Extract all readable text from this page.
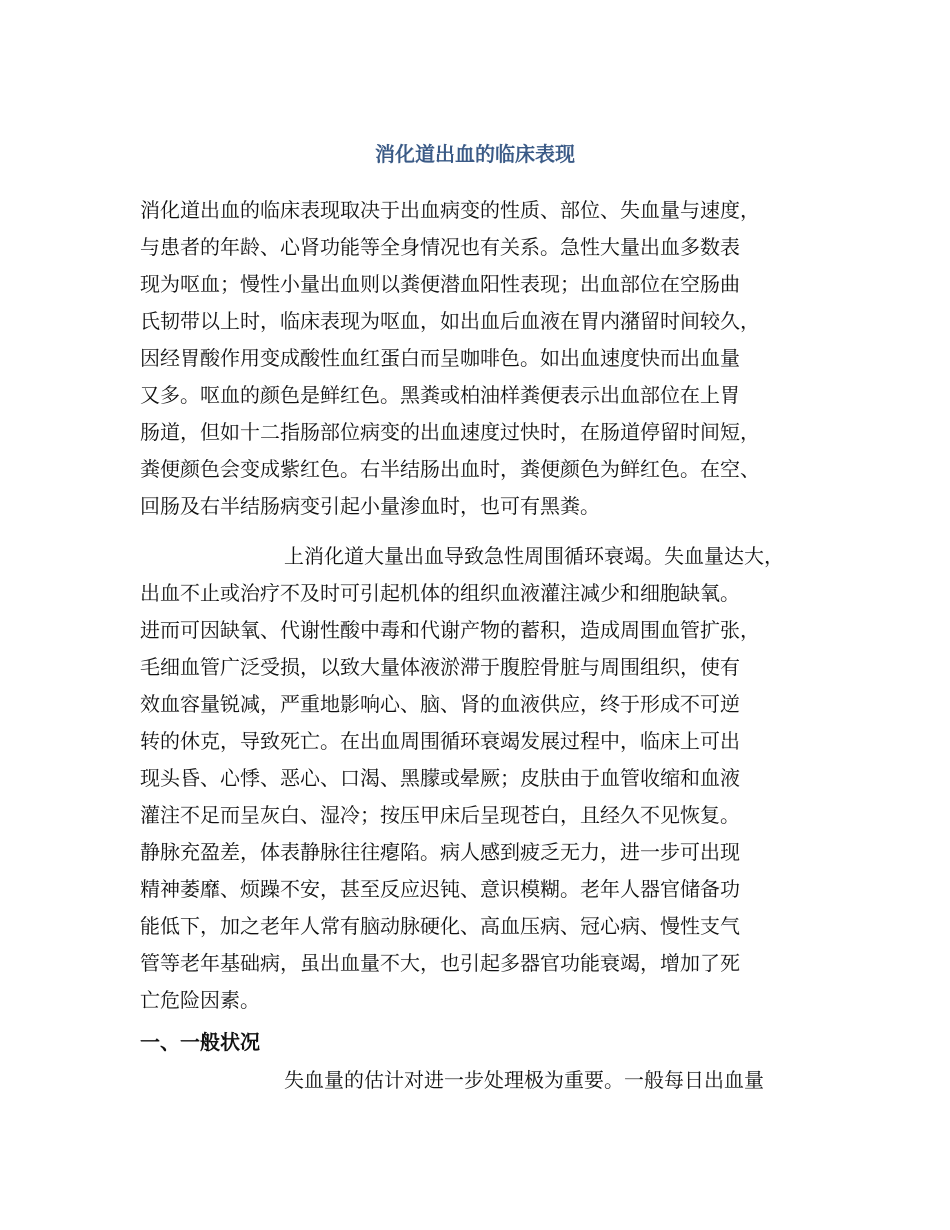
消化道出血的临床表现
消化道出血的临床表现取决于出血病变的性质、部位、失血量与速度，
与患者的年龄、心肾功能等全身情况也有关系。急性大量出血多数表
现为呕血；慢性小量出血则以粪便潜血阳性表现；出血部位在空肠曲
氏韧带以上时，临床表现为呕血，如出血后血液在胃内潴留时间较久，
因经胃酸作用变成酸性血红蛋白而呈咖啡色。如出血速度快而出血量
又多。呕血的颜色是鲜红色。黑粪或柏油样粪便表示出血部位在上胃
肠道，但如十二指肠部位病变的出血速度过快时，在肠道停留时间短，
粪便颜色会变成紫红色。右半结肠出血时，粪便颜色为鲜红色。在空、
回肠及右半结肠病变引起小量渗血时，也可有黑粪。
上消化道大量出血导致急性周围循环衰竭。失血量达大，
出血不止或治疗不及时可引起机体的组织血液灌注减少和细胞缺氧。
进而可因缺氧、代谢性酸中毒和代谢产物的蓄积，造成周围血管扩张，
毛细血管广泛受损，以致大量体液淤滞于腹腔骨脏与周围组织，使有
效血容量锐减，严重地影响心、脑、肾的血液供应，终于形成不可逆
转的休克，导致死亡。在出血周围循环衰竭发展过程中，临床上可出
现头昏、心悸、恶心、口渴、黑朦或晕厥；皮肤由于血管收缩和血液
灌注不足而呈灰白、湿冷；按压甲床后呈现苍白，且经久不见恢复。
静脉充盈差，体表静脉往往瘪陷。病人感到疲乏无力，进一步可出现
精神萎靡、烦躁不安，甚至反应迟钝、意识模糊。老年人器官储备功
能低下，加之老年人常有脑动脉硬化、高血压病、冠心病、慢性支气
管等老年基础病，虽出血量不大，也引起多器官功能衰竭，增加了死
亡危险因素。
一、一般状况
失血量的估计对进一步处理极为重要。一般每日出血量
